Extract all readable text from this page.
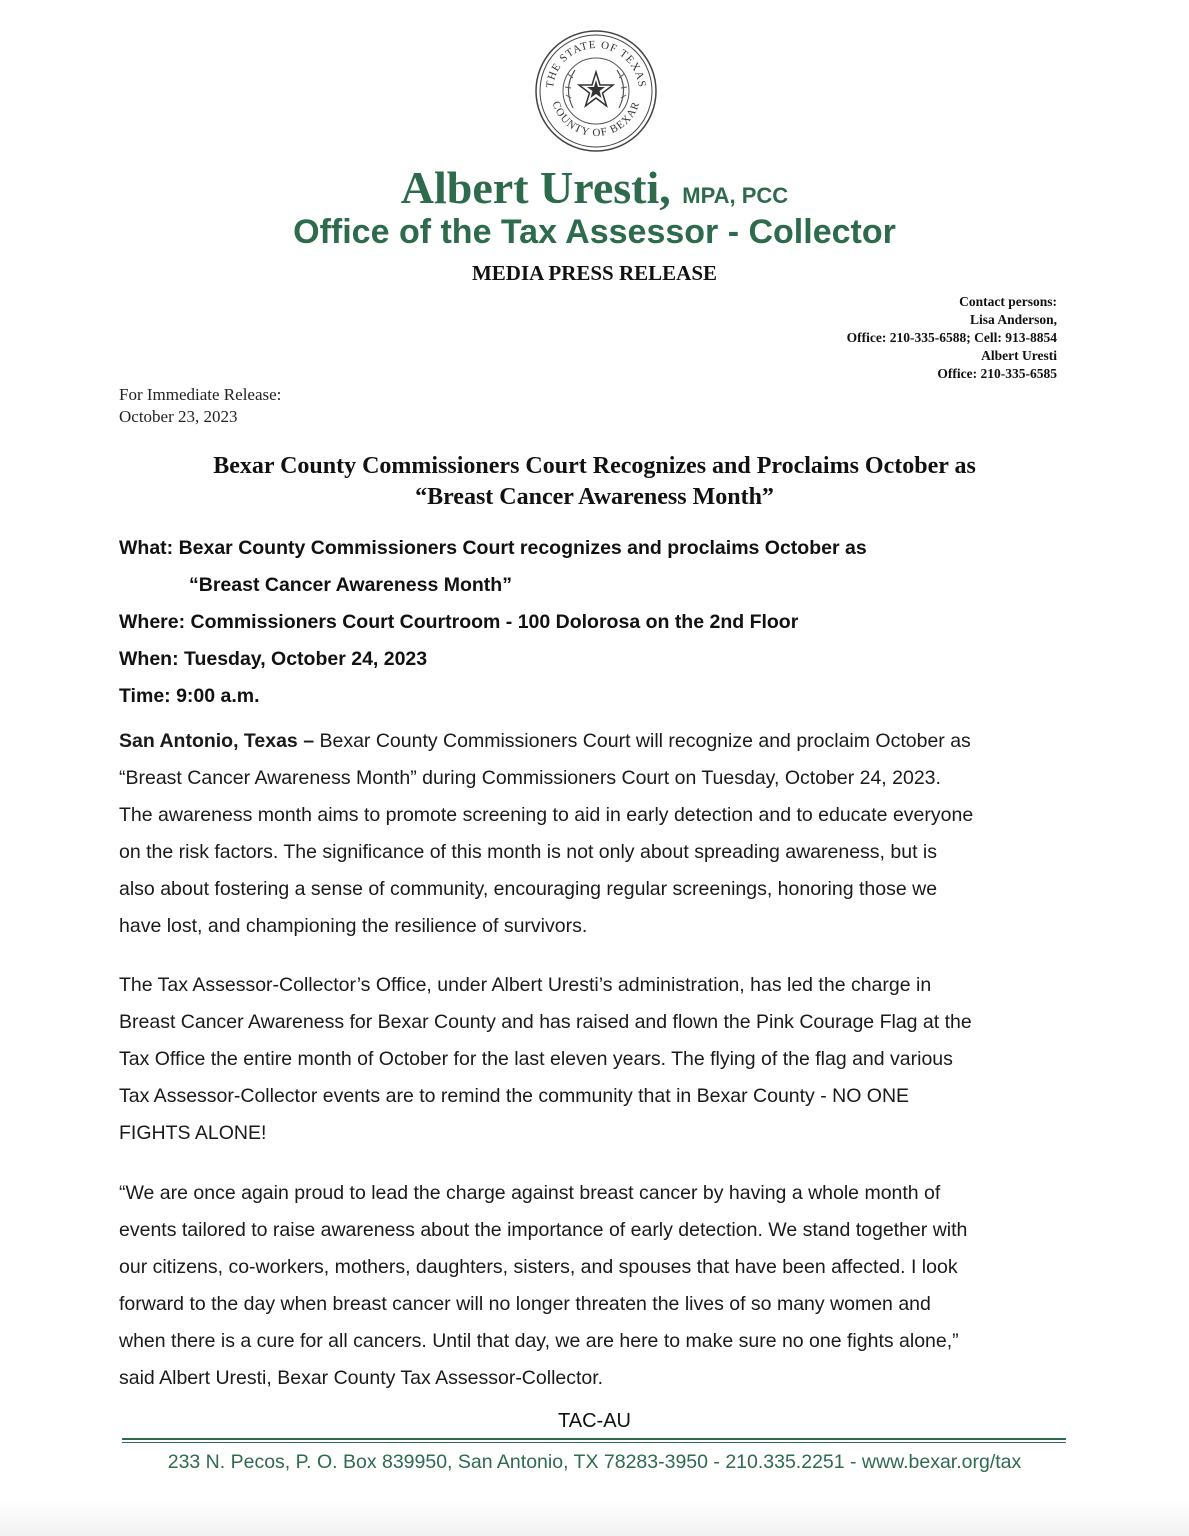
THE STATE OF TEXAS
COUNTY OF BEXAR
Albert Uresti, MPA, PCC
Office of the Tax Assessor - Collector
MEDIA PRESS RELEASE
Contact persons:
Lisa Anderson,
Office: 210-335-6588; Cell: 913-8854
Albert Uresti
Office: 210-335-6585
For Immediate Release:
October 23, 2023
Bexar County Commissioners Court Recognizes and Proclaims October as
“Breast Cancer Awareness Month”
What: Bexar County Commissioners Court recognizes and proclaims October as
“Breast Cancer Awareness Month”
Where: Commissioners Court Courtroom - 100 Dolorosa on the 2nd Floor
When: Tuesday, October 24, 2023
Time: 9:00 a.m.
San Antonio, Texas – Bexar County Commissioners Court will recognize and proclaim October as
“Breast Cancer Awareness Month” during Commissioners Court on Tuesday, October 24, 2023.
The awareness month aims to promote screening to aid in early detection and to educate everyone
on the risk factors. The significance of this month is not only about spreading awareness, but is
also about fostering a sense of community, encouraging regular screenings, honoring those we
have lost, and championing the resilience of survivors.
The Tax Assessor-Collector’s Office, under Albert Uresti’s administration, has led the charge in
Breast Cancer Awareness for Bexar County and has raised and flown the Pink Courage Flag at the
Tax Office the entire month of October for the last eleven years. The flying of the flag and various
Tax Assessor-Collector events are to remind the community that in Bexar County - NO ONE
FIGHTS ALONE!
“We are once again proud to lead the charge against breast cancer by having a whole month of
events tailored to raise awareness about the importance of early detection. We stand together with
our citizens, co-workers, mothers, daughters, sisters, and spouses that have been affected. I look
forward to the day when breast cancer will no longer threaten the lives of so many women and
when there is a cure for all cancers. Until that day, we are here to make sure no one fights alone,”
said Albert Uresti, Bexar County Tax Assessor-Collector.
TAC-AU
233 N. Pecos, P. O. Box 839950, San Antonio, TX 78283-3950 - 210.335.2251 - www.bexar.org/tax
